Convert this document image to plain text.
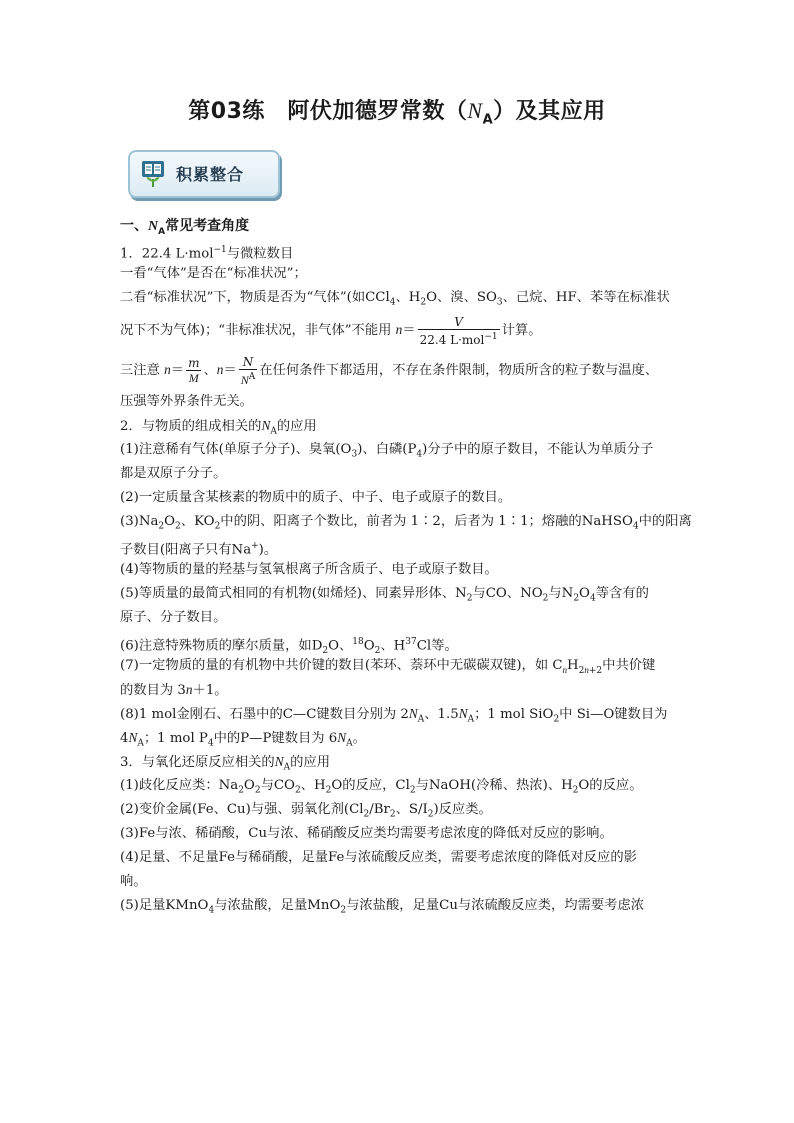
第03练　阿伏加德罗常数$(N_A)$及其应用
积累整合
一、$N_A$常见考查角度
1．22.4 L·mol$^{-1}$与微粒数目
一看“气体”是否在“标准状况”；
二看“标准状况”下，物质是否为“气体”(如CCl$_4$、$H_2O$、溴、$SO_3$、己烷、HF、苯等在标准状
况下不为气体)；“非标准状况，非气体”不能用 $n= \frac{V}{22.4 L\cdot mol^{-1}}$ 计算。
三注意 $n= \frac{m}{M}$ 、$n= \frac{N}{N^A}$ 在任何条件下都适用，不存在条件限制，物质所含的粒子数与温度、
压强等外界条件无关。
2．与物质的组成相关的$N_A$的应用
(1)注意稀有气体(单原子分子)、臭氧$(O_3)$、白磷$(P_4)$分子中的原子数目，不能认为单质分子
都是双原子分子。
(2)一定质量含某核素的物质中的质子、中子、电子或原子的数目。
$(3)Na_2O_2$、$KO_2$中的阴、阳离子个数比，前者为 1∶2，后者为 1∶1；熔融的NaHSO$_4$中的阳离
子数目(阳离子只有Na+)。
(4)等物质的量的羟基与氢氧根离子所含质子、电子或原子数目。
(5)等质量的最简式相同的有机物(如烯烃)、同素异形体、$N_2$与CO、$NO_2$与$N_2O_4$等含有的
原子、分子数目。
(6)注意特殊物质的摩尔质量，如$D_2O$、$^{18}O_2$、$H^{37}Cl$等。
(7)一定物质的量的有机物中共价键的数目(苯环、萘环中无碳碳双键)，如 $C_nH_{2n+2}$中共价键
的数目为 3n＋1。
(8)1 mol金刚石、石墨中的C—C键数目分别为 $2N_A$、$1.5N_A$；1 mol SiO$_2$中 Si—O键数目为
$4N_A$；1 mol $P_4$中的P—P键数目为 $6N_A$。
3．与氧化还原反应相关的$N_A$的应用
(1)歧化反应类：$Na_2O_2$与$CO_2$、$H_2O$的反应，$Cl_2$与NaOH(冷稀、热浓)、$H_2O$的反应。
(2)变价金属(Fe、Cu)与强、弱氧化剂($Cl_2/Br_2$、$S/I_2$)反应类。
(3)Fe与浓、稀硝酸，Cu与浓、稀硝酸反应类均需要考虑浓度的降低对反应的影响。
(4)足量、不足量Fe与稀硝酸，足量Fe与浓硫酸反应类，需要考虑浓度的降低对反应的影
响。
(5)足量KMnO$_4$与浓盐酸，足量MnO$_2$与浓盐酸，足量Cu与浓硫酸反应类，均需要考虑浓
